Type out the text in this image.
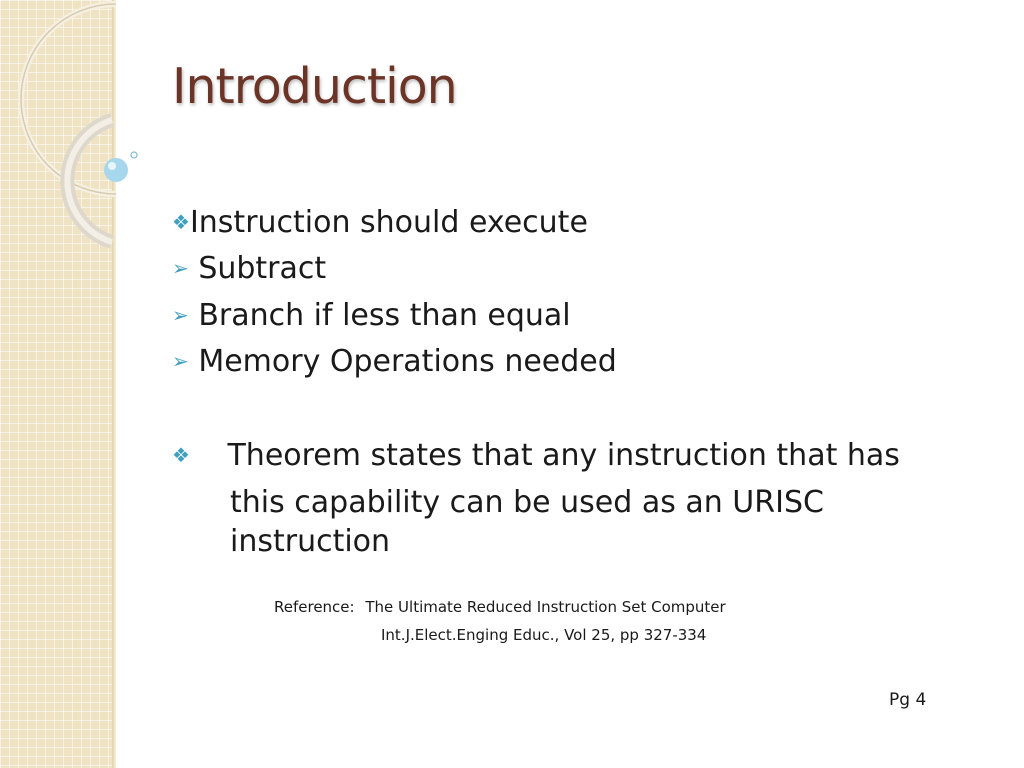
Introduction
❖Instruction should execute
➢ Subtract
➢ Branch if less than equal
➢ Memory Operations needed
❖ Theorem states that any instruction that has
this capability can be used as an URISC
instruction
Reference: The Ultimate Reduced Instruction Set Computer
Int.J.Elect.Enging Educ., Vol 25, pp 327-334
Pg 4
